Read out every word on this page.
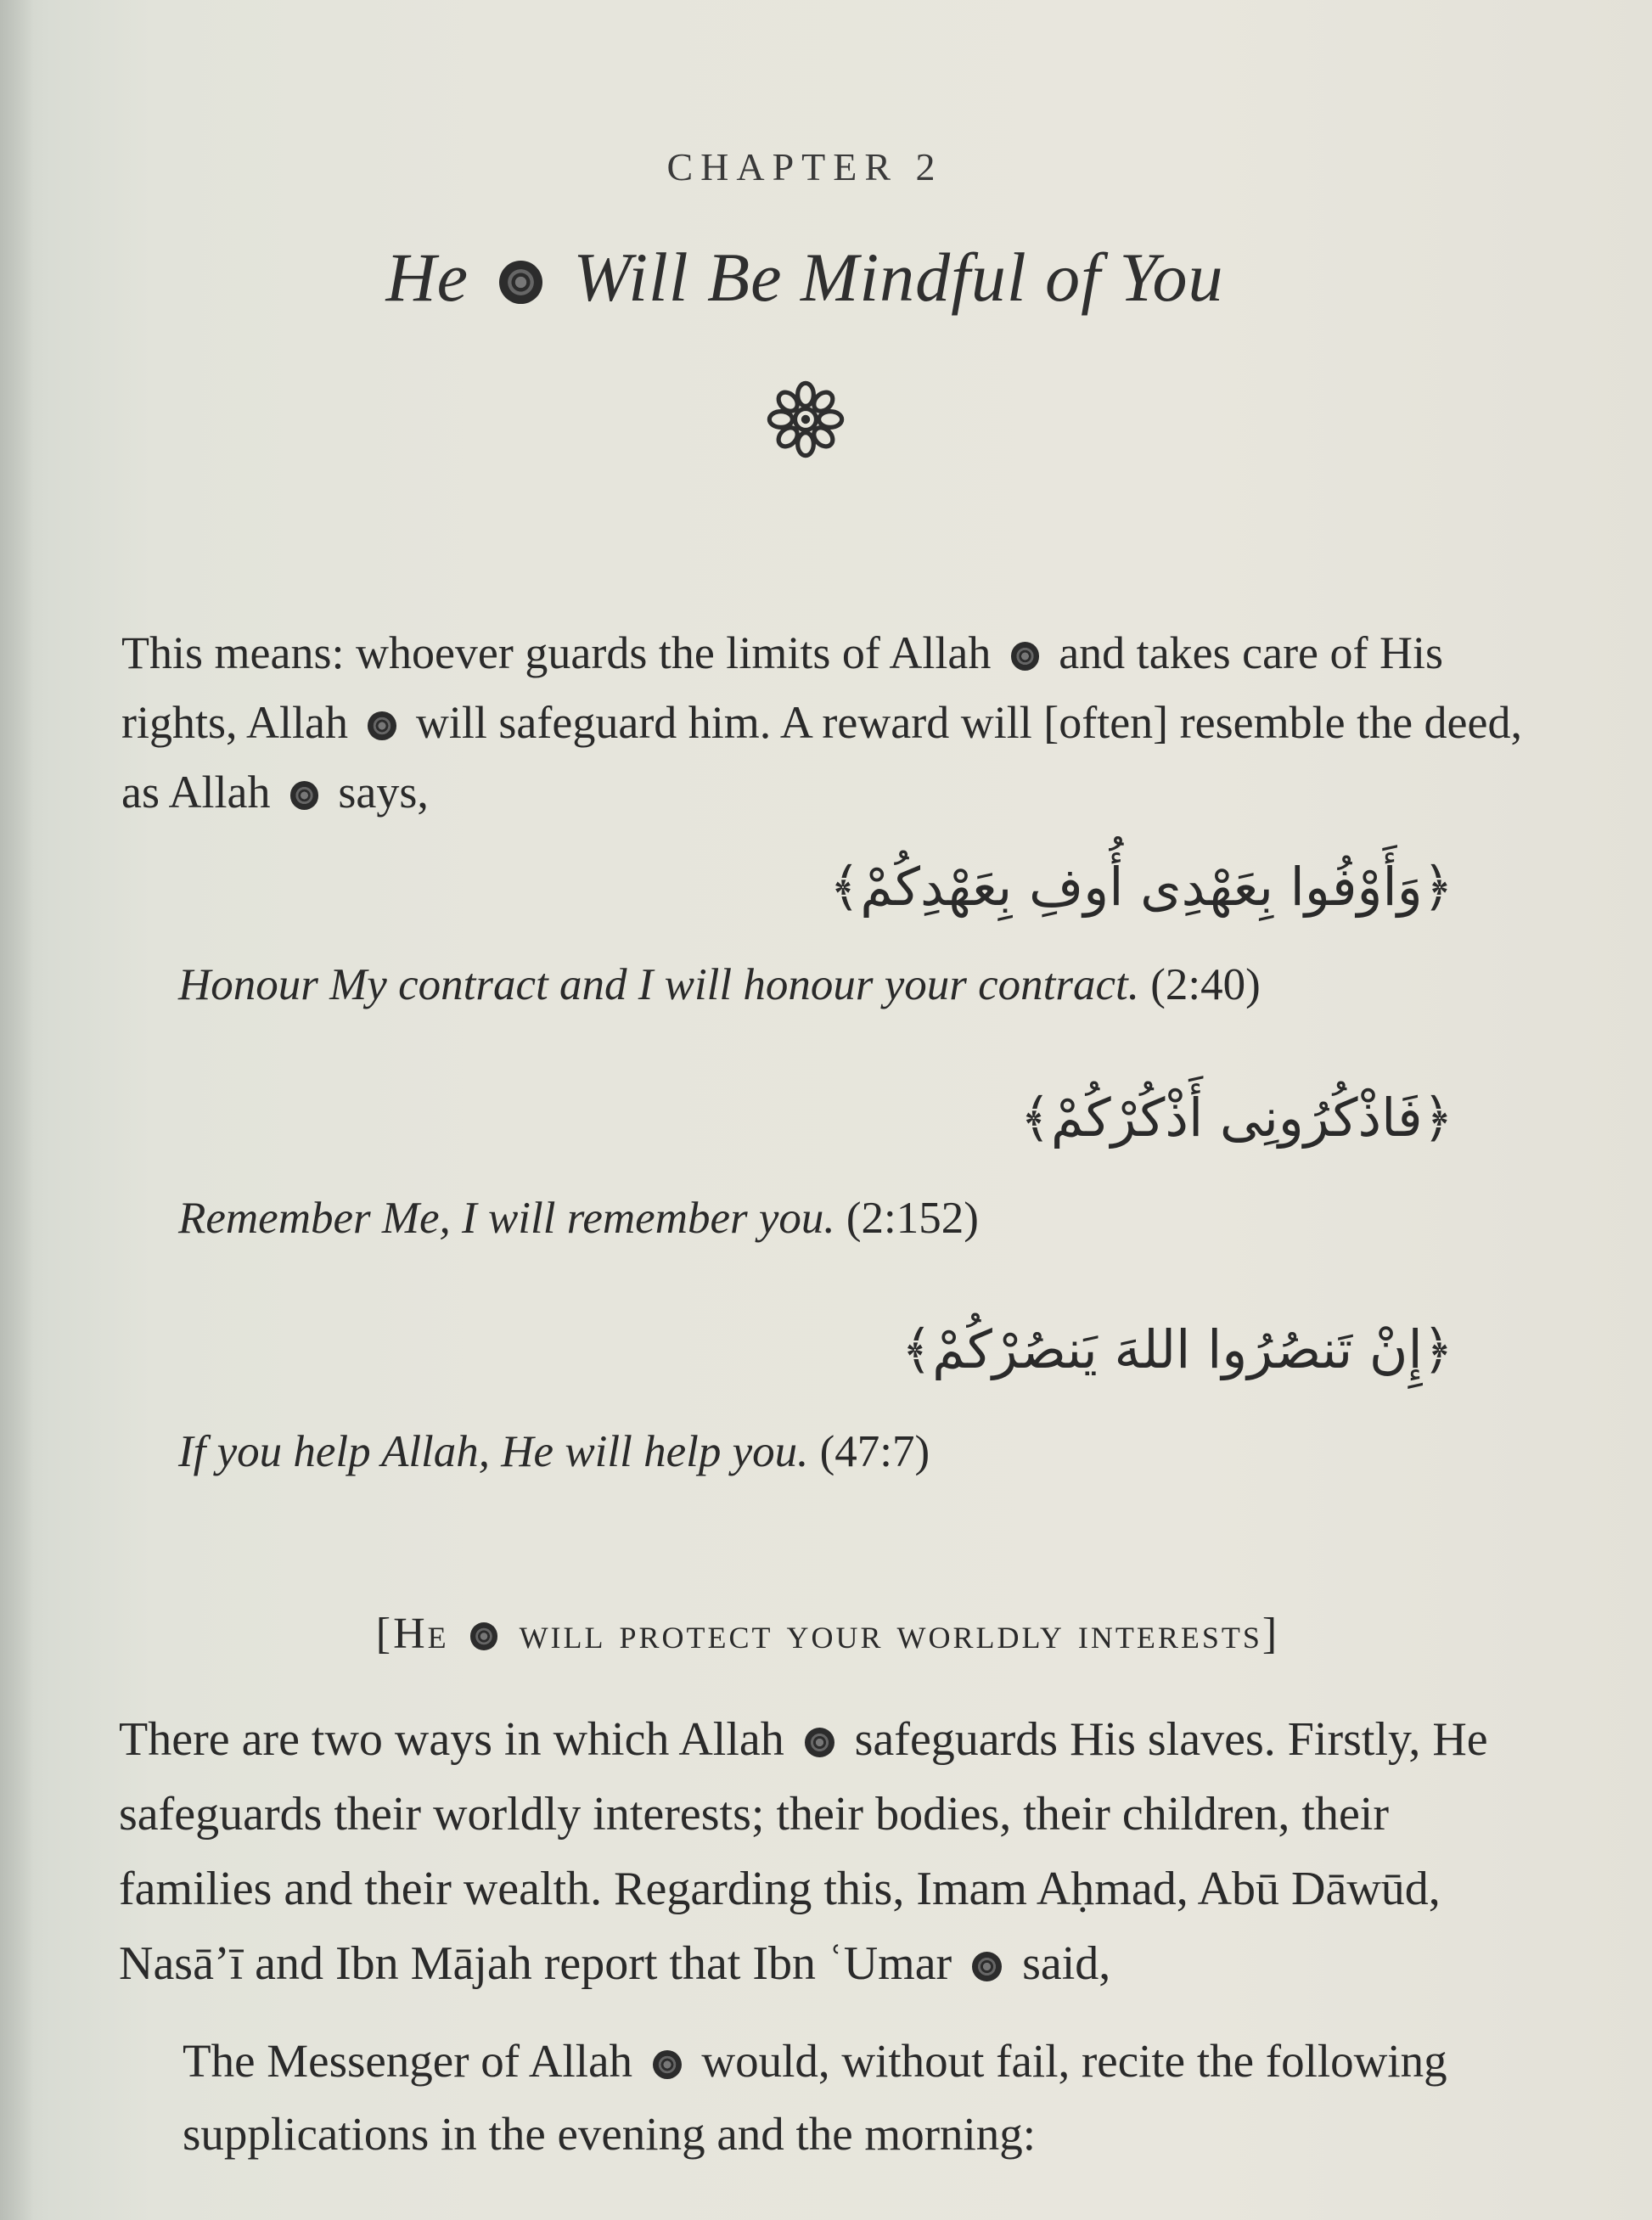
CHAPTER 2
He Will Be Mindful of You

This means: whoever guards the limits of Allah and takes care of His rights, Allah will safeguard him. A reward will [often] resemble the deed, as Allah says,

﴿وَأَوْفُوا بِعَهْدِى أُوفِ بِعَهْدِكُمْ﴾
Honour My contract and I will honour your contract. (2:40)
﴿فَاذْكُرُونِى أَذْكُرْكُمْ﴾
Remember Me, I will remember you. (2:152)
﴿إِنْ تَنصُرُوا اللهَ يَنصُرْكُمْ﴾
If you help Allah, He will help you. (47:7)
[He will protect your worldly interests]

There are two ways in which Allah safeguards His slaves. Firstly, He safeguards their worldly interests; their bodies, their children, their families and their wealth. Regarding this, Imam Aḥmad, Abū Dāwūd, Nasā’ī and Ibn Mājah report that Ibn ʿUmar said,

The Messenger of Allah would, without fail, recite the following supplications in the evening and the morning:
